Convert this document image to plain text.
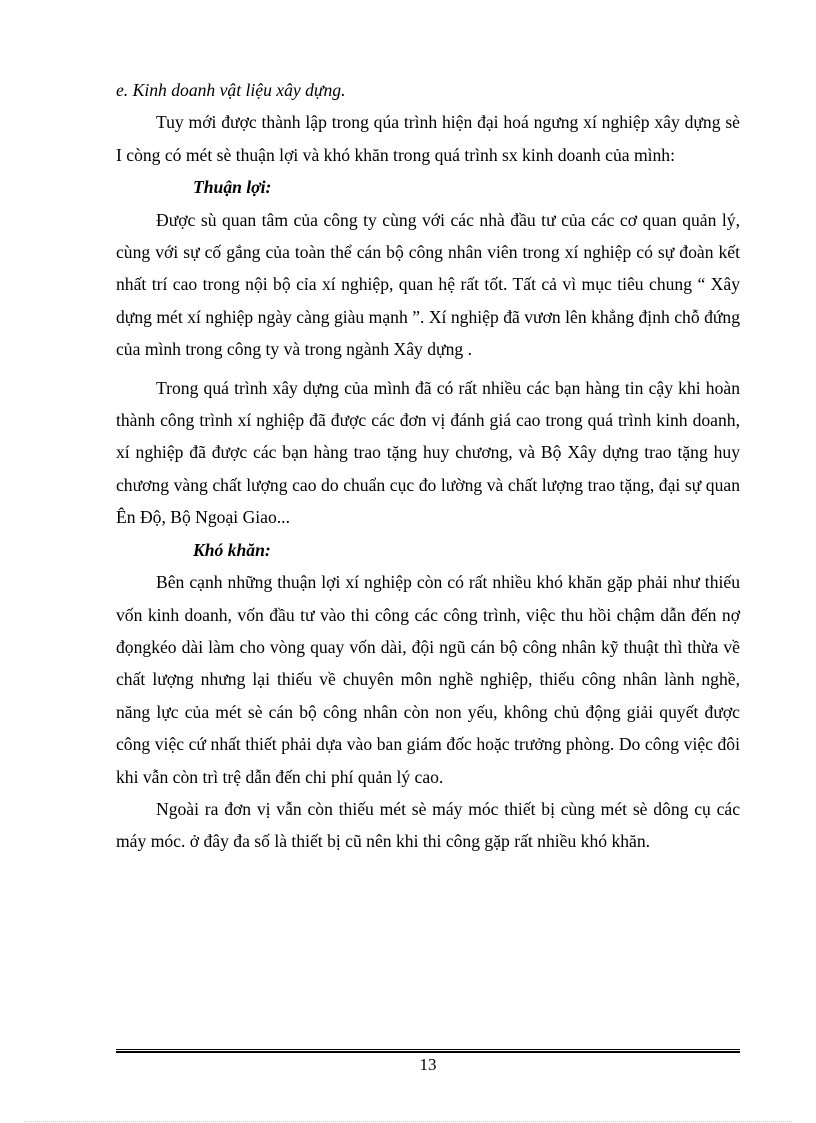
e. Kinh doanh vật liệu xây dựng.

Tuy mới được thành lập trong qúa trình hiện đại hoá ngưng xí nghiệp xây dựng sè I còng có mét sè thuận lợi và khó khăn trong quá trình sx kinh doanh của mình:

Thuận lợi:

Được sù quan tâm của công ty cùng với các nhà đầu tư của các cơ quan quản lý, cùng với sự cố gắng của toàn thể cán bộ công nhân viên trong xí nghiệp có sự đoàn kết nhất trí cao trong nội bộ cỉa xí nghiệp, quan hệ rất tốt. Tất cả vì mục tiêu chung “ Xây dựng mét xí nghiệp ngày càng giàu mạnh ”. Xí nghiệp đã vươn lên khẳng định chỗ đứng của mình trong công ty và trong ngành Xây dựng .

Trong quá trình xây dựng của mình đã có rất nhiều các bạn hàng tin cậy khi hoàn thành công trình xí nghiệp đã được các đơn vị đánh giá cao trong quá trình kinh doanh, xí nghiệp đã được các bạn hàng trao tặng huy chương, và Bộ Xây dựng trao tặng huy chương vàng chất lượng cao do chuẩn cục đo lường và chất lượng trao tặng, đại sự quan Ên Độ, Bộ Ngoại Giao...

Khó khăn:

Bên cạnh những thuận lợi xí nghiệp còn có rất nhiều khó khăn gặp phải như thiếu vốn kinh doanh, vốn đầu tư vào thi công các công trình, việc thu hồi chậm dẫn đến nợ đọngkéo dài làm cho vòng quay vốn dài, đội ngũ cán bộ công nhân kỹ thuật thì thừa về chất lượng nhưng lại thiếu về chuyên môn nghề nghiệp, thiếu công nhân lành nghề, năng lực của mét sè cán bộ công nhân còn non yếu, không chủ động giải quyết được công việc cứ nhất thiết phải dựa vào ban giám đốc hoặc trưởng phòng. Do công việc đôi khi vẫn còn trì trệ dẫn đến chi phí quản lý cao.

Ngoài ra đơn vị vẫn còn thiếu mét sè máy móc thiết bị cùng mét sè dông cụ các máy móc. ở đây đa số là thiết bị cũ nên khi thi công gặp rất nhiều khó khăn.

13
